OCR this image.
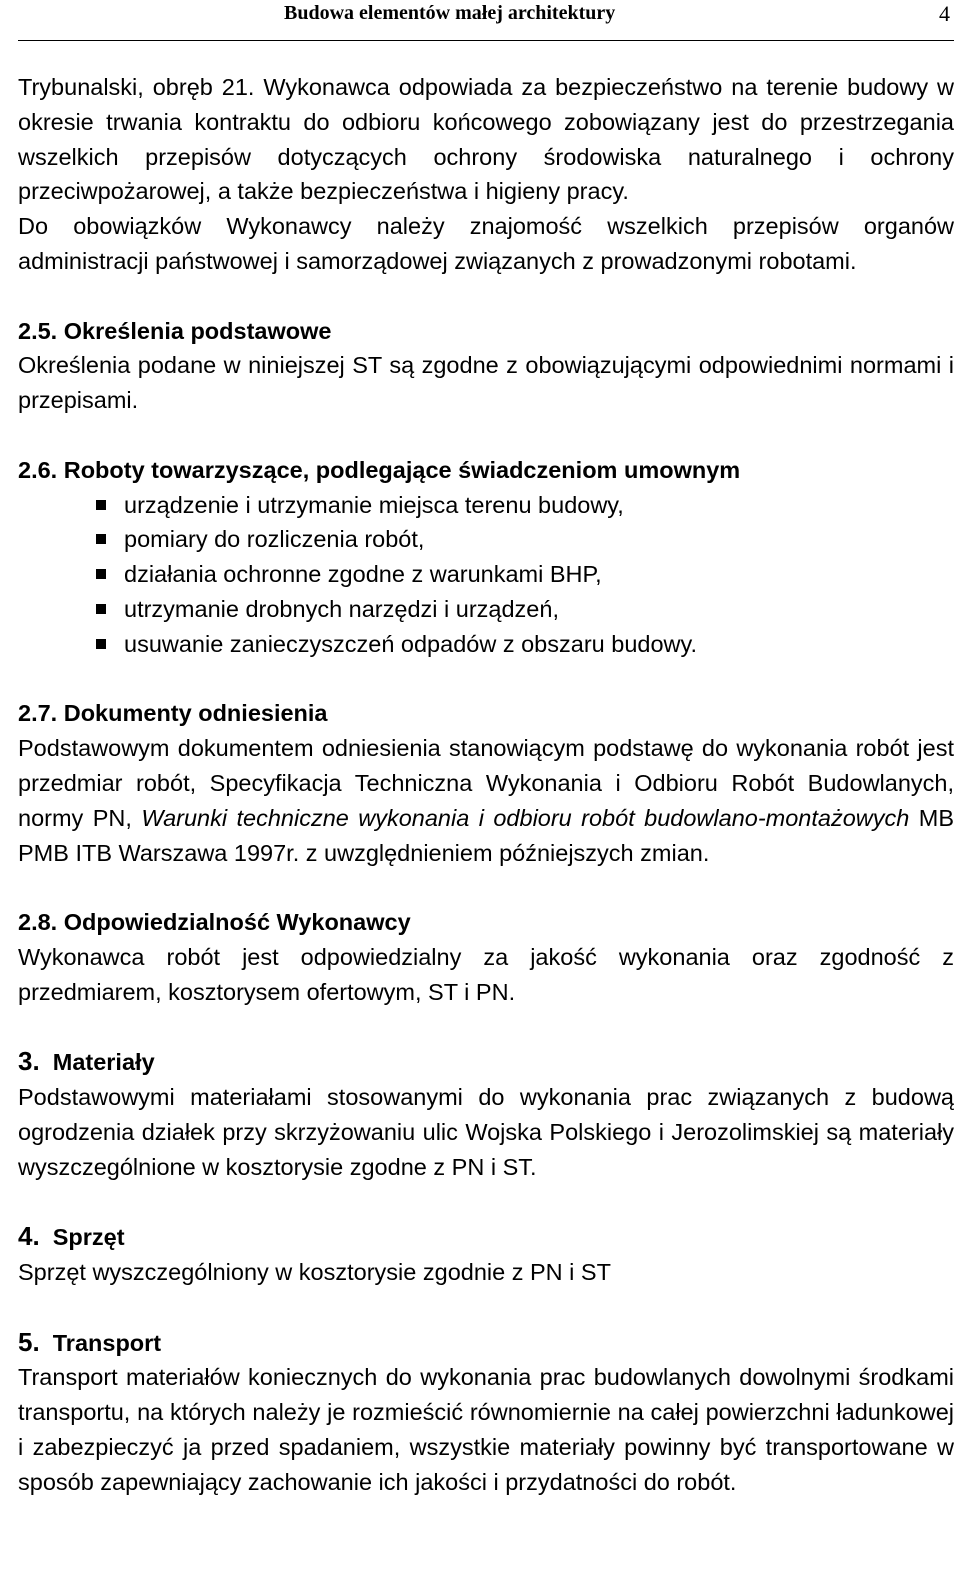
Budowa elementów małej architektury	4

Trybunalski, obręb 21. Wykonawca odpowiada za bezpieczeństwo na terenie budowy w okresie trwania kontraktu do odbioru końcowego zobowiązany jest do przestrzegania wszelkich przepisów dotyczących ochrony środowiska naturalnego i ochrony przeciwpożarowej, a także bezpieczeństwa i higieny pracy.

Do obowiązków Wykonawcy należy znajomość wszelkich przepisów organów administracji państwowej i samorządowej związanych z prowadzonymi robotami.

2.5. Określenia podstawowe

Określenia podane w niniejszej ST są zgodne z obowiązującymi odpowiednimi normami i przepisami.

2.6. Roboty towarzyszące, podlegające świadczeniom umownym

urządzenie i utrzymanie miejsca terenu budowy,
pomiary do rozliczenia robót,
działania ochronne zgodne z warunkami BHP,
utrzymanie drobnych narzędzi i urządzeń,
usuwanie zanieczyszczeń odpadów z obszaru budowy.

2.7. Dokumenty odniesienia

Podstawowym dokumentem odniesienia stanowiącym podstawę do wykonania robót jest przedmiar robót, Specyfikacja Techniczna Wykonania i Odbioru Robót Budowlanych, normy PN, Warunki techniczne wykonania i odbioru robót budowlano-montażowych MB PMB ITB Warszawa 1997r. z uwzględnieniem późniejszych zmian.

2.8. Odpowiedzialność Wykonawcy

Wykonawca robót jest odpowiedzialny za jakość wykonania oraz zgodność z przedmiarem, kosztorysem ofertowym, ST i PN.

3. Materiały

Podstawowymi materiałami stosowanymi do wykonania prac związanych z budową ogrodzenia działek przy skrzyżowaniu ulic Wojska Polskiego i Jerozolimskiej są materiały wyszczególnione w kosztorysie zgodne z PN i ST.

4. Sprzęt

Sprzęt wyszczególniony w kosztorysie zgodnie z PN i ST

5. Transport

Transport materiałów koniecznych do wykonania prac budowlanych dowolnymi środkami transportu, na których należy je rozmieścić równomiernie na całej powierzchni ładunkowej i zabezpieczyć ja przed spadaniem, wszystkie materiały powinny być transportowane w sposób zapewniający zachowanie ich jakości i przydatności do robót.
